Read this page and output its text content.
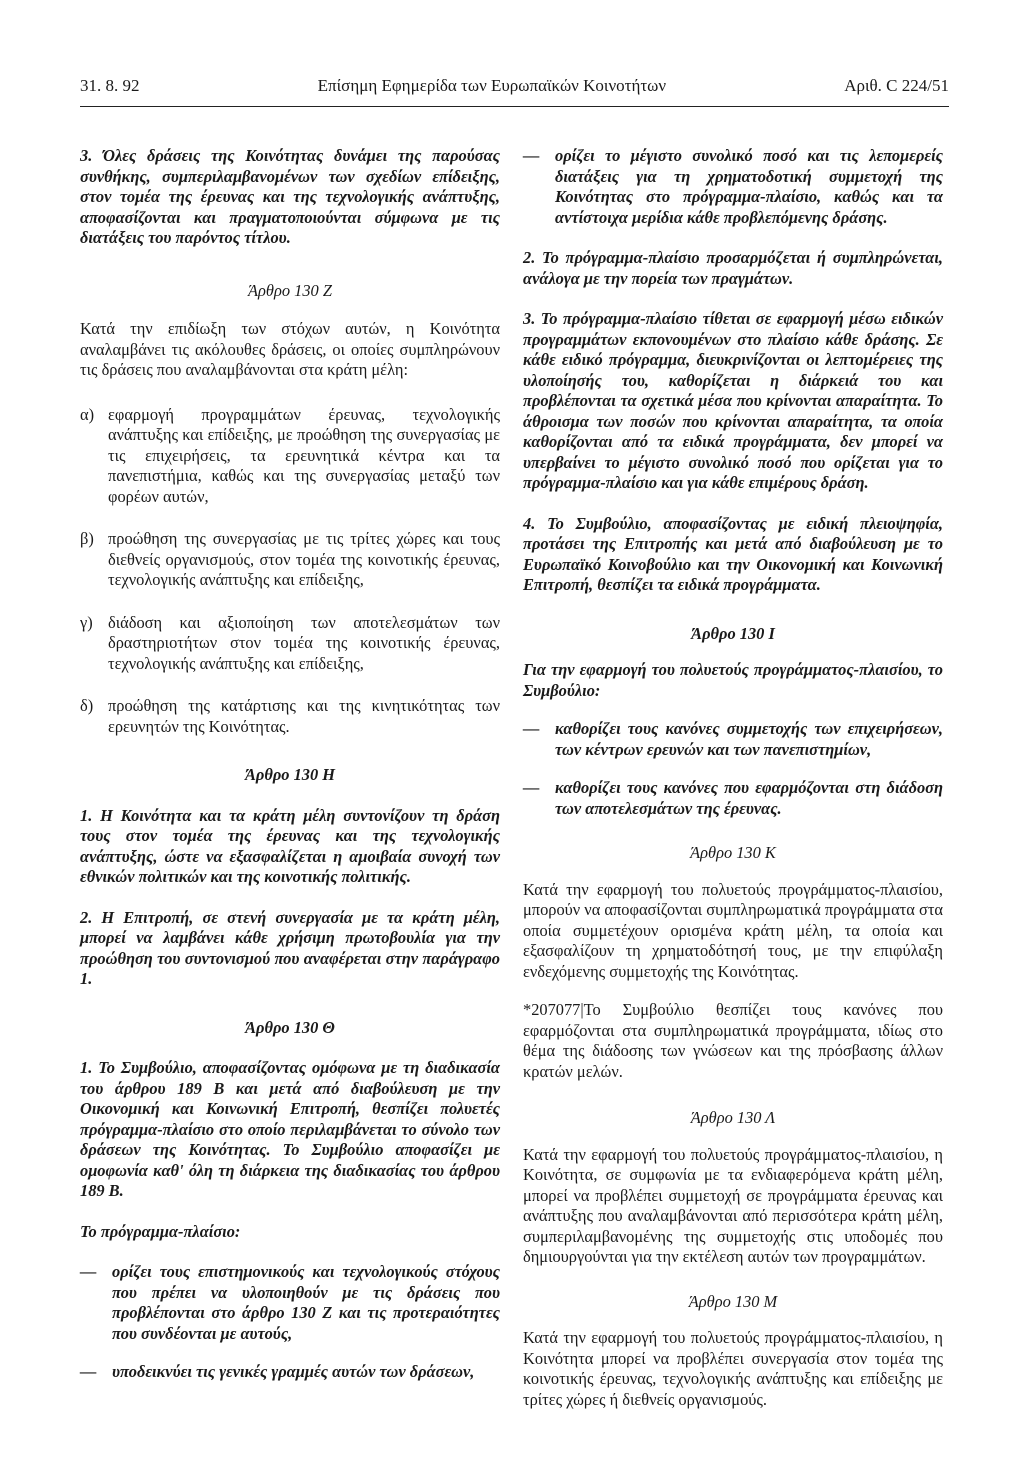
31. 8. 92	Επίσημη Εφημερίδα των Ευρωπαϊκών Κοινοτήτων	Αριθ. C 224/51

3. Όλες δράσεις της Κοινότητας δυνάμει της παρούσας συνθήκης, συμπεριλαμβανομένων των σχεδίων επίδειξης, στον τομέα της έρευνας και της τεχνολογικής ανάπτυξης, αποφασίζονται και πραγματοποιούνται σύμφωνα με τις διατάξεις του παρόντος τίτλου.

Άρθρο 130 Ζ

Κατά την επιδίωξη των στόχων αυτών, η Κοινότητα αναλαμβάνει τις ακόλουθες δράσεις, οι οποίες συμπληρώνουν τις δράσεις που αναλαμβάνονται στα κράτη μέλη:

α) εφαρμογή προγραμμάτων έρευνας, τεχνολογικής ανάπτυξης και επίδειξης, με προώθηση της συνεργασίας με τις επιχειρήσεις, τα ερευνητικά κέντρα και τα πανεπιστήμια, καθώς και της συνεργασίας μεταξύ των φορέων αυτών,
β) προώθηση της συνεργασίας με τις τρίτες χώρες και τους διεθνείς οργανισμούς, στον τομέα της κοινοτικής έρευνας, τεχνολογικής ανάπτυξης και επίδειξης,
γ) διάδοση και αξιοποίηση των αποτελεσμάτων των δραστηριοτήτων στον τομέα της κοινοτικής έρευνας, τεχνολογικής ανάπτυξης και επίδειξης,
δ) προώθηση της κατάρτισης και της κινητικότητας των ερευνητών της Κοινότητας.

Άρθρο 130 Η

1. Η Κοινότητα και τα κράτη μέλη συντονίζουν τη δράση τους στον τομέα της έρευνας και της τεχνολογικής ανάπτυξης, ώστε να εξασφαλίζεται η αμοιβαία συνοχή των εθνικών πολιτικών και της κοινοτικής πολιτικής.

2. Η Επιτροπή, σε στενή συνεργασία με τα κράτη μέλη, μπορεί να λαμβάνει κάθε χρήσιμη πρωτοβουλία για την προώθηση του συντονισμού που αναφέρεται στην παράγραφο 1.

Άρθρο 130 Θ

1. Το Συμβούλιο, αποφασίζοντας ομόφωνα με τη διαδικασία του άρθρου 189 Β και μετά από διαβούλευση με την Οικονομική και Κοινωνική Επιτροπή, θεσπίζει πολυετές πρόγραμμα-πλαίσιο στο οποίο περιλαμβάνεται το σύνολο των δράσεων της Κοινότητας. Το Συμβούλιο αποφασίζει με ομοφωνία καθ' όλη τη διάρκεια της διαδικασίας του άρθρου 189 Β.

Το πρόγραμμα-πλαίσιο:

— ορίζει τους επιστημονικούς και τεχνολογικούς στόχους που πρέπει να υλοποιηθούν με τις δράσεις που προβλέπονται στο άρθρο 130 Ζ και τις προτεραιότητες που συνδέονται με αυτούς,
— υποδεικνύει τις γενικές γραμμές αυτών των δράσεων,
— ορίζει το μέγιστο συνολικό ποσό και τις λεπομερείς διατάξεις για τη χρηματοδοτική συμμετοχή της Κοινότητας στο πρόγραμμα-πλαίσιο, καθώς και τα αντίστοιχα μερίδια κάθε προβλεπόμενης δράσης.

2. Το πρόγραμμα-πλαίσιο προσαρμόζεται ή συμπληρώνεται, ανάλογα με την πορεία των πραγμάτων.

3. Το πρόγραμμα-πλαίσιο τίθεται σε εφαρμογή μέσω ειδικών προγραμμάτων εκπονουμένων στο πλαίσιο κάθε δράσης. Σε κάθε ειδικό πρόγραμμα, διευκρινίζονται οι λεπτομέρειες της υλοποίησής του, καθορίζεται η διάρκειά του και προβλέπονται τα σχετικά μέσα που κρίνονται απαραίτητα. Το άθροισμα των ποσών που κρίνονται απαραίτητα, τα οποία καθορίζονται από τα ειδικά προγράμματα, δεν μπορεί να υπερβαίνει το μέγιστο συνολικό ποσό που ορίζεται για το πρόγραμμα-πλαίσιο και για κάθε επιμέρους δράση.

4. Το Συμβούλιο, αποφασίζοντας με ειδική πλειοψηφία, προτάσει της Επιτροπής και μετά από διαβούλευση με το Ευρωπαϊκό Κοινοβούλιο και την Οικονομική και Κοινωνική Επιτροπή, θεσπίζει τα ειδικά προγράμματα.

Άρθρο 130 Ι

Για την εφαρμογή του πολυετούς προγράμματος-πλαισίου, το Συμβούλιο:

— καθορίζει τους κανόνες συμμετοχής των επιχειρήσεων, των κέντρων ερευνών και των πανεπιστημίων,
— καθορίζει τους κανόνες που εφαρμόζονται στη διάδοση των αποτελεσμάτων της έρευνας.

Άρθρο 130 Κ

Κατά την εφαρμογή του πολυετούς προγράμματος-πλαισίου, μπορούν να αποφασίζονται συμπληρωματικά προγράμματα στα οποία συμμετέχουν ορισμένα κράτη μέλη, τα οποία και εξασφαλίζουν τη χρηματοδότησή τους, με την επιφύλαξη ενδεχόμενης συμμετοχής της Κοινότητας.

*207077|Το Συμβούλιο θεσπίζει τους κανόνες που εφαρμόζονται στα συμπληρωματικά προγράμματα, ιδίως στο θέμα της διάδοσης των γνώσεων και της πρόσβασης άλλων κρατών μελών.

Άρθρο 130 Λ

Κατά την εφαρμογή του πολυετούς προγράμματος-πλαισίου, η Κοινότητα, σε συμφωνία με τα ενδιαφερόμενα κράτη μέλη, μπορεί να προβλέπει συμμετοχή σε προγράμματα έρευνας και ανάπτυξης που αναλαμβάνονται από περισσότερα κράτη μέλη, συμπεριλαμβανομένης της συμμετοχής στις υποδομές που δημιουργούνται για την εκτέλεση αυτών των προγραμμάτων.

Άρθρο 130 Μ

Κατά την εφαρμογή του πολυετούς προγράμματος-πλαισίου, η Κοινότητα μπορεί να προβλέπει συνεργασία στον τομέα της κοινοτικής έρευνας, τεχνολογικής ανάπτυξης και επίδειξης με τρίτες χώρες ή διεθνείς οργανισμούς.
